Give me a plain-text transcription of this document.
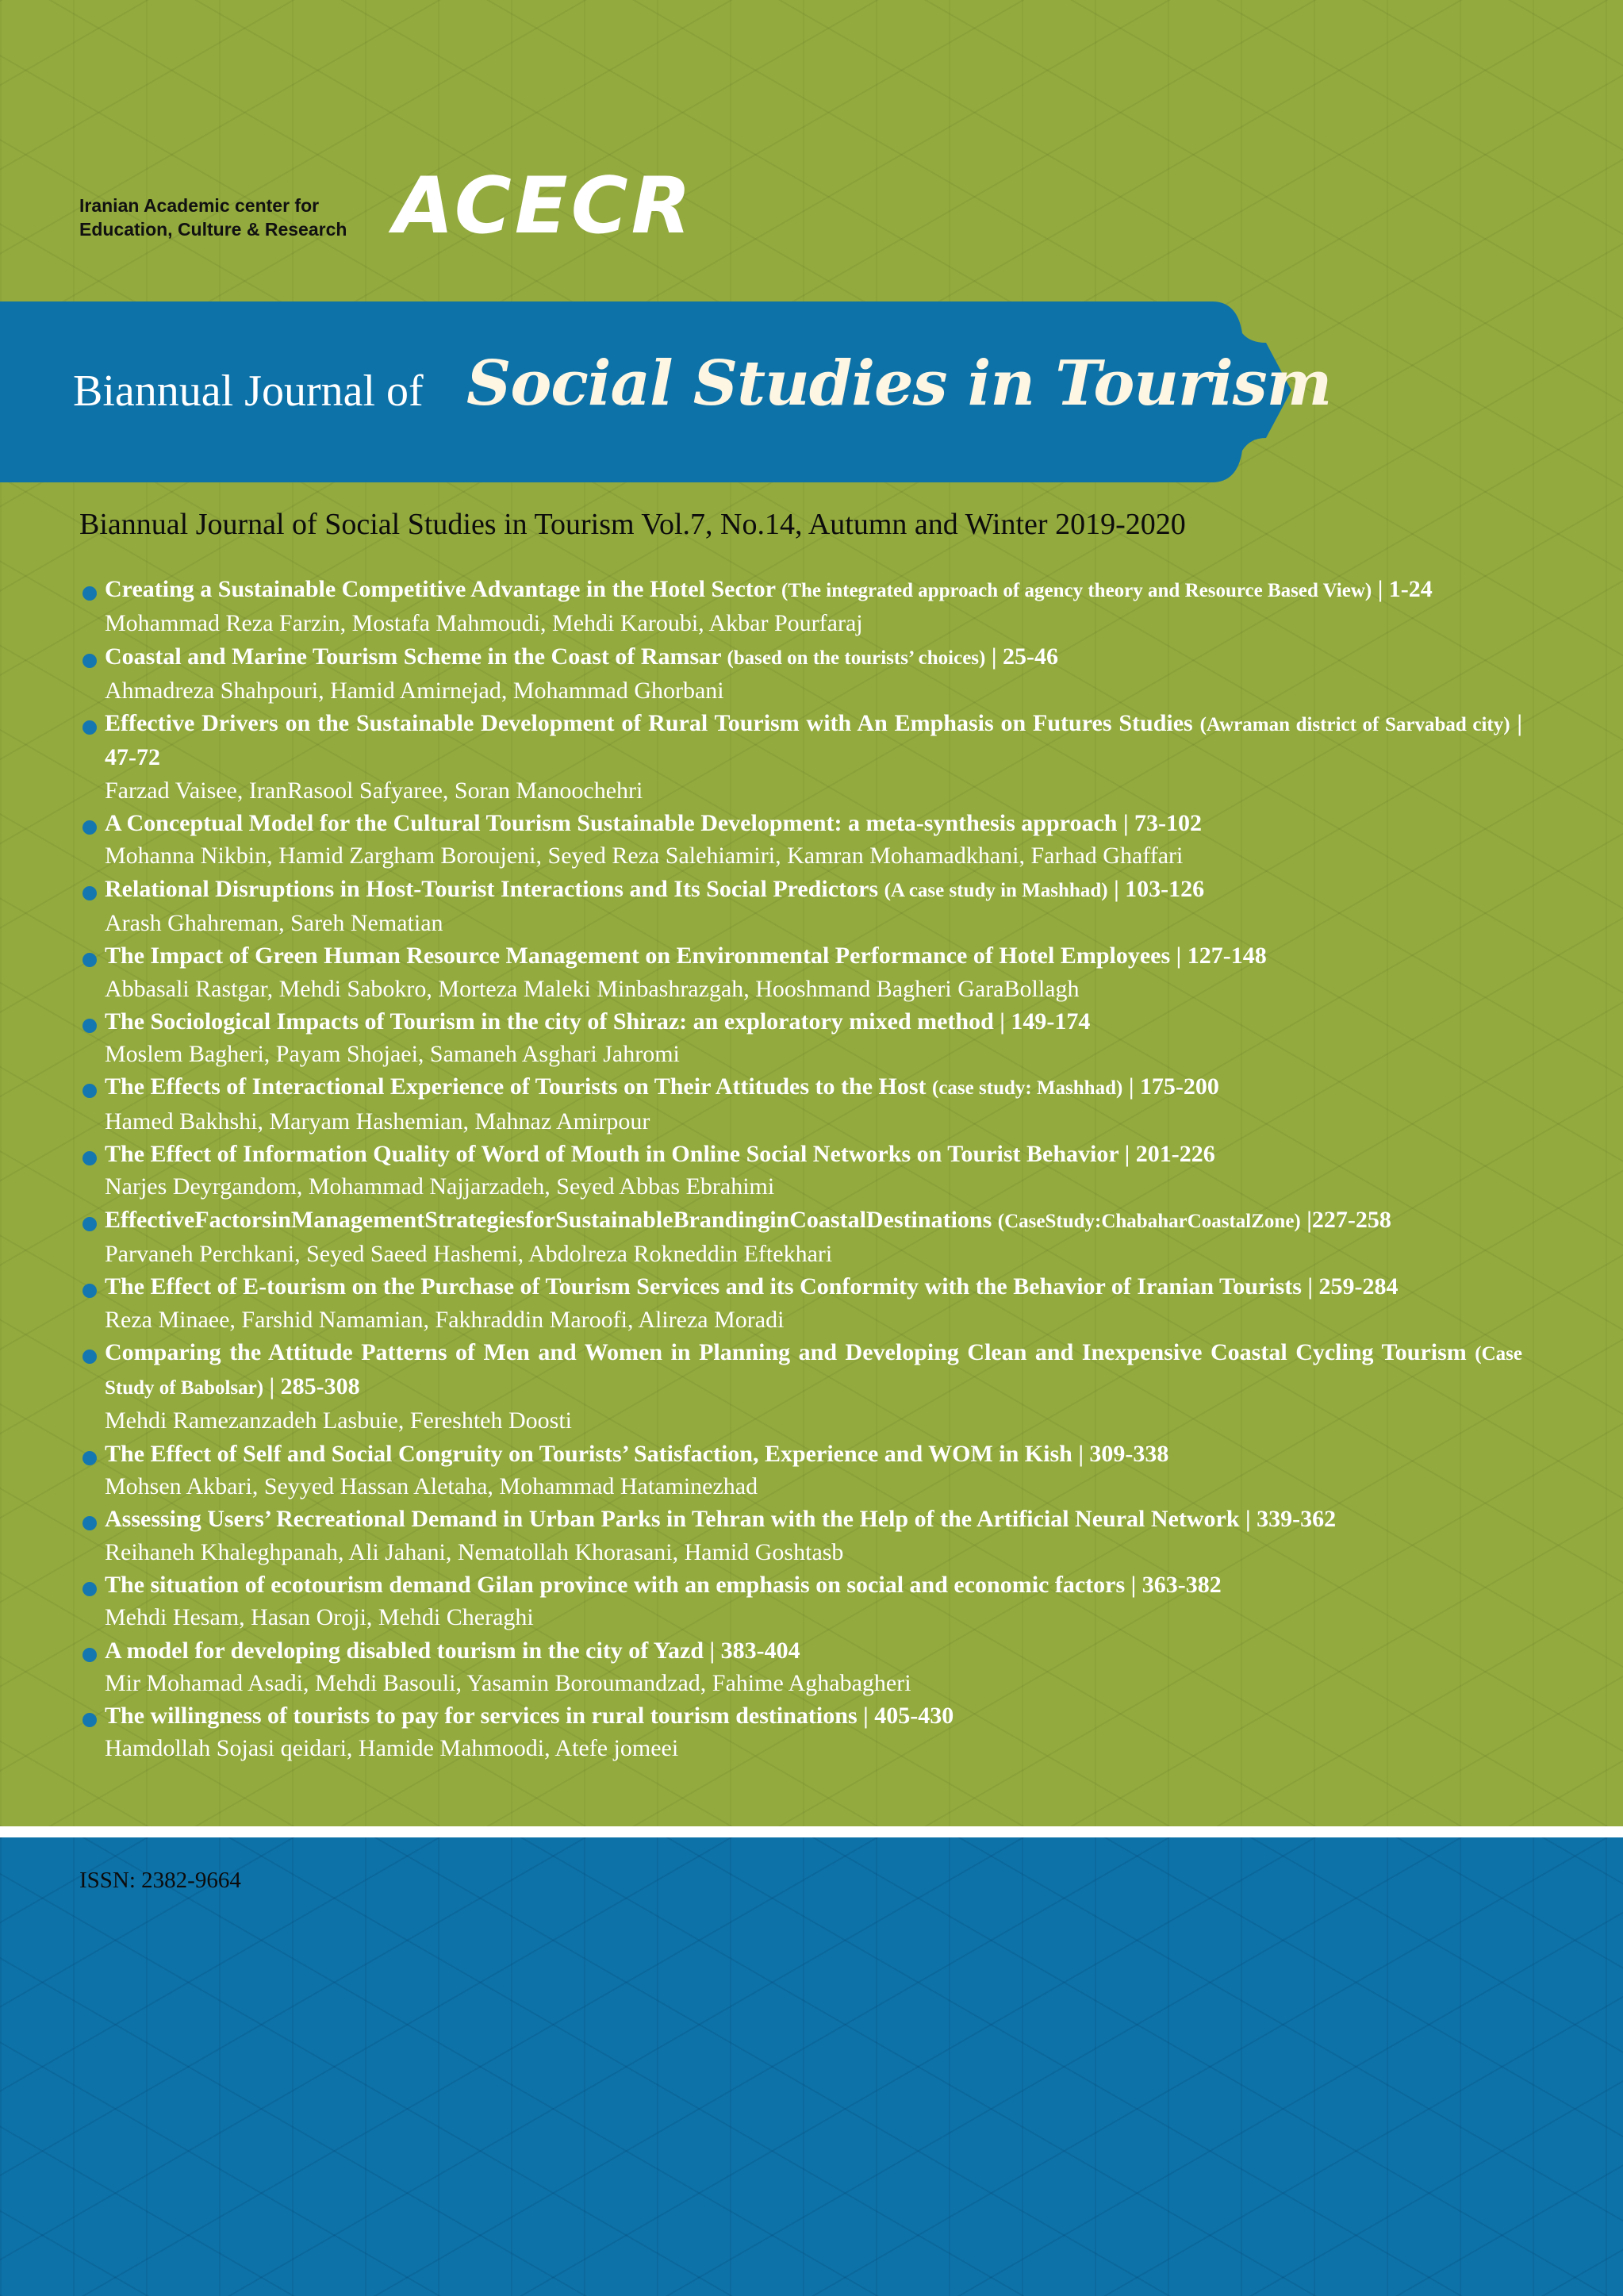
Iranian Academic center for
Education, Culture & Research ACECR
Biannual Journal of Social Studies in Tourism
Biannual Journal of Social Studies in Tourism Vol.7, No.14, Autumn and Winter 2019-2020
Creating a Sustainable Competitive Advantage in the Hotel Sector (The integrated approach of agency theory and Resource Based View) | 1-24
Mohammad Reza Farzin, Mostafa Mahmoudi, Mehdi Karoubi, Akbar Pourfaraj
Coastal and Marine Tourism Scheme in the Coast of Ramsar (based on the tourists’ choices) | 25-46
Ahmadreza Shahpouri, Hamid Amirnejad, Mohammad Ghorbani
Effective Drivers on the Sustainable Development of Rural Tourism with An Emphasis on Futures Studies (Awraman district of Sarvabad city) | 47-72
Farzad Vaisee, IranRasool Safyaree, Soran Manoochehri
A Conceptual Model for the Cultural Tourism Sustainable Development: a meta-synthesis approach | 73-102
Mohanna Nikbin, Hamid Zargham Boroujeni, Seyed Reza Salehiamiri, Kamran Mohamadkhani, Farhad Ghaffari
Relational Disruptions in Host-Tourist Interactions and Its Social Predictors (A case study in Mashhad) | 103-126
Arash Ghahreman, Sareh Nematian
The Impact of Green Human Resource Management on Environmental Performance of Hotel Employees | 127-148
Abbasali Rastgar, Mehdi Sabokro, Morteza Maleki Minbashrazgah, Hooshmand Bagheri GaraBollagh
The Sociological Impacts of Tourism in the city of Shiraz: an exploratory mixed method | 149-174
Moslem Bagheri, Payam Shojaei, Samaneh Asghari Jahromi
The Effects of Interactional Experience of Tourists on Their Attitudes to the Host (case study: Mashhad) | 175-200
Hamed Bakhshi, Maryam Hashemian, Mahnaz Amirpour
The Effect of Information Quality of Word of Mouth in Online Social Networks on Tourist Behavior | 201-226
Narjes Deyrgandom, Mohammad Najjarzadeh, Seyed Abbas Ebrahimi
EffectiveFactorsinManagementStrategiesforSustainableBrandinginCoastalDestinations (CaseStudy:ChabaharCoastalZone) |227-258
Parvaneh Perchkani, Seyed Saeed Hashemi, Abdolreza Rokneddin Eftekhari
The Effect of E-tourism on the Purchase of Tourism Services and its Conformity with the Behavior of Iranian Tourists | 259-284
Reza Minaee, Farshid Namamian, Fakhraddin Maroofi, Alireza Moradi
Comparing the Attitude Patterns of Men and Women in Planning and Developing Clean and Inexpensive Coastal Cycling Tourism (Case Study of Babolsar) | 285-308
Mehdi Ramezanzadeh Lasbuie, Fereshteh Doosti
The Effect of Self and Social Congruity on Tourists’ Satisfaction, Experience and WOM in Kish | 309-338
Mohsen Akbari, Seyyed Hassan Aletaha, Mohammad Hataminezhad
Assessing Users’ Recreational Demand in Urban Parks in Tehran with the Help of the Artificial Neural Network | 339-362
Reihaneh Khaleghpanah, Ali Jahani, Nematollah Khorasani, Hamid Goshtasb
The situation of ecotourism demand Gilan province with an emphasis on social and economic factors | 363-382
Mehdi Hesam, Hasan Oroji, Mehdi Cheraghi
A model for developing disabled tourism in the city of Yazd | 383-404
Mir Mohamad Asadi, Mehdi Basouli, Yasamin Boroumandzad, Fahime Aghabagheri
The willingness of tourists to pay for services in rural tourism destinations | 405-430
Hamdollah Sojasi qeidari, Hamide Mahmoodi, Atefe jomeei
ISSN: 2382-9664
